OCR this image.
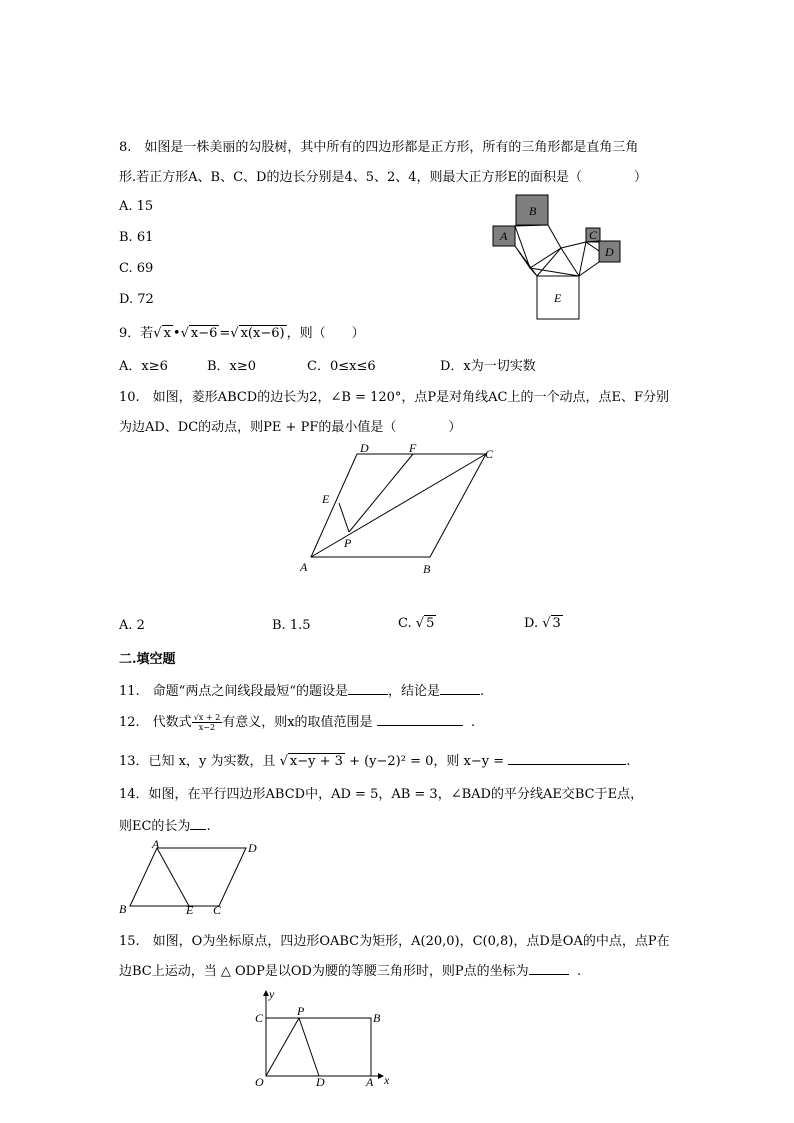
8.　如图是一株美丽的勾股树，其中所有的四边形都是正方形，所有的三角形都是直角三角
形.若正方形A、B、C、D的边长分别是4、5、2、4，则最大正方形E的面积是（　　　　）
A. 15
B. 61
C. 69
D. 72
B
A	C
D
E
9．若√ x •√ x−6 =√ x(x−6) ，则（　　）
A．x≥6	B．x≥0	C．0≤x≤6	D．x为一切实数
10.　如图，菱形ABCD的边长为2，∠B = 120°，点P是对角线AC上的一个动点，点E、F分别
为边AD、DC的动点，则PE + PF的最小值是（　　　　）
D	F	C
E
P
A	B
A. 2	B. 1.5	C. √ 5	D. √ 3
二.填空题
11.　命题“两点之间线段最短“的题设是	，结论是	.
12.　代数式 $\frac{√x + 2}{x-2}$有意义，则x的取值范围是	.
13．已知 x，y 为实数，且 √ x−y + 3 + (y−2)² = 0，则 x−y =	.
14．如图，在平行四边形ABCD中，AD = 5，AB = 3，∠BAD的平分线AE交BC于E点，
则EC的长为 .
A	D
B	E C
15.　如图，O为坐标原点，四边形OABC为矩形，A(20,0)，C(0,8)，点D是OA的中点，点P在
边BC上运动，当 △ ODP是以OD为腰的等腰三角形时，则P点的坐标为	.
y
x
C	P	B
O	D	A
